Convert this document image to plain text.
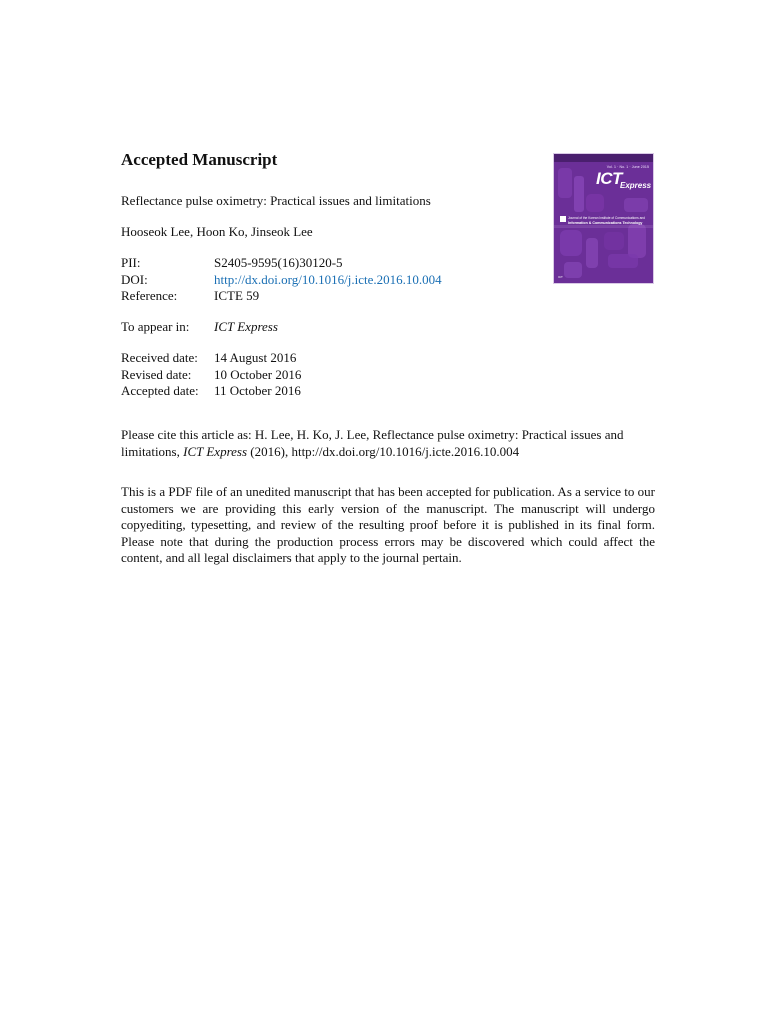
Accepted Manuscript
Reflectance pulse oximetry: Practical issues and limitations
Hooseok Lee, Hoon Ko, Jinseok Lee
PII:	S2405-9595(16)30120-5
DOI:	http://dx.doi.org/10.1016/j.icte.2016.10.004
Reference:	ICTE 59
To appear in:	ICT Express
Received date:	14 August 2016
Revised date:	10 October 2016
Accepted date:	11 October 2016
Please cite this article as: H. Lee, H. Ko, J. Lee, Reflectance pulse oximetry: Practical issues and limitations, ICT Express (2016), http://dx.doi.org/10.1016/j.icte.2016.10.004

This is a PDF file of an unedited manuscript that has been accepted for publication. As a service to our customers we are providing this early version of the manuscript. The manuscript will undergo copyediting, typesetting, and review of the resulting proof before it is published in its final form. Please note that during the production process errors may be discovered which could affect the content, and all legal disclaimers that apply to the journal pertain.

Vol. 1 · No. 1 · June 2015
ICT
Express
Journal of the Korean Institute of Communications and
Information & Communications Technology
ICT
